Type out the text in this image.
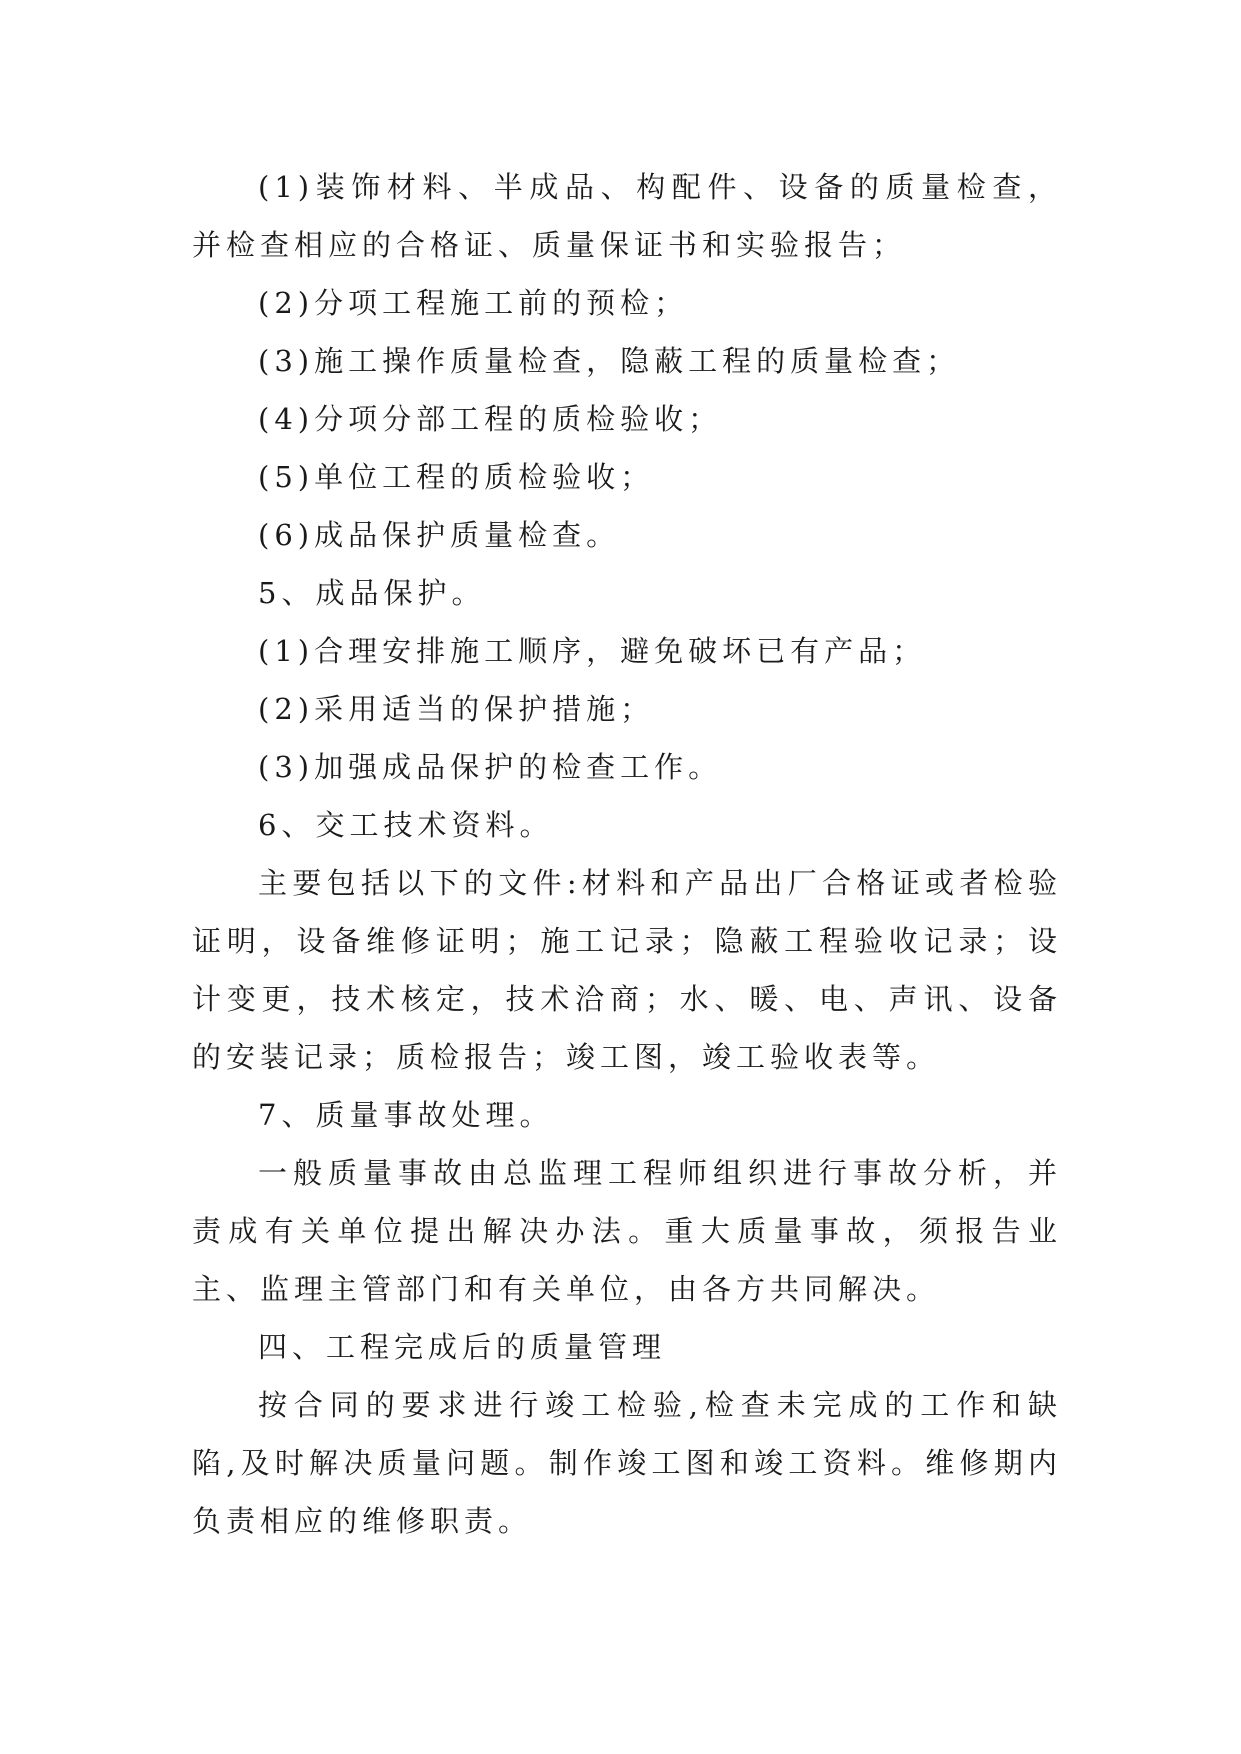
(1)装饰材料、半成品、构配件、设备的质量检查，并检查相应的合格证、质量保证书和实验报告；

(2)分项工程施工前的预检；

(3)施工操作质量检查，隐蔽工程的质量检查；

(4)分项分部工程的质检验收；

(5)单位工程的质检验收；

(6)成品保护质量检查。

5、成品保护。

(1)合理安排施工顺序，避免破坏已有产品；

(2)采用适当的保护措施；

(3)加强成品保护的检查工作。

6、交工技术资料。

主要包括以下的文件:材料和产品出厂合格证或者检验证明，设备维修证明；施工记录；隐蔽工程验收记录；设计变更，技术核定，技术洽商；水、暖、电、声讯、设备的安装记录；质检报告；竣工图，竣工验收表等。

7、质量事故处理。

一般质量事故由总监理工程师组织进行事故分析，并责成有关单位提出解决办法。重大质量事故，须报告业主、监理主管部门和有关单位，由各方共同解决。

四、工程完成后的质量管理

按合同的要求进行竣工检验,检查未完成的工作和缺陷,及时解决质量问题。制作竣工图和竣工资料。维修期内负责相应的维修职责。
